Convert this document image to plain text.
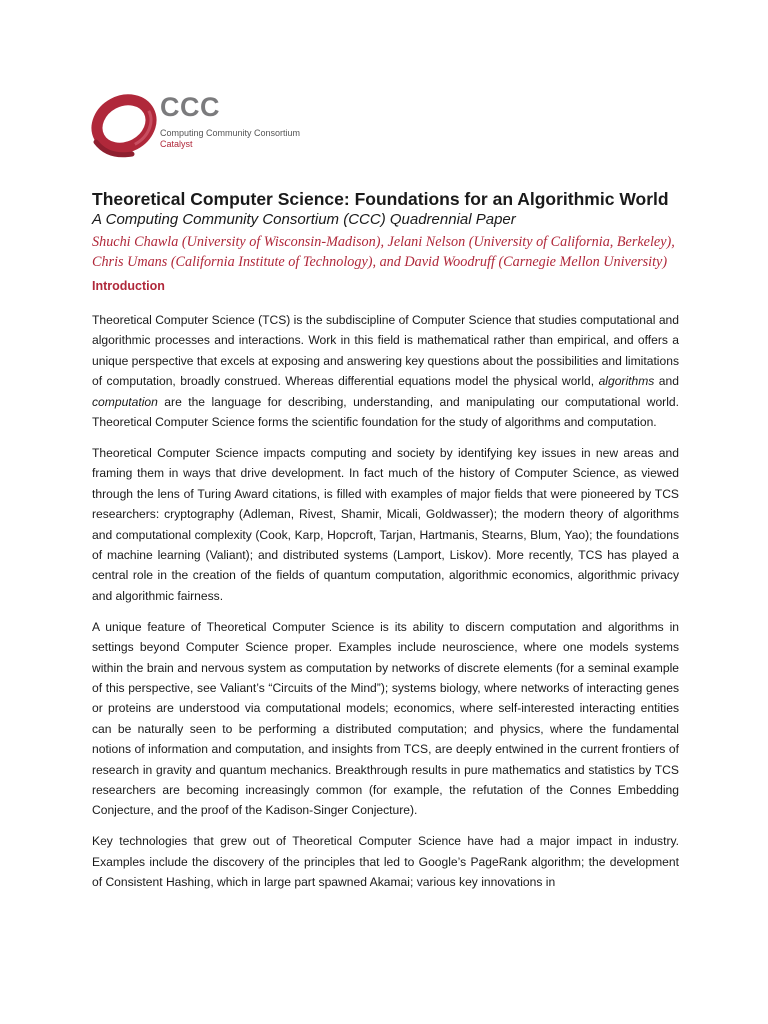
CCC
Computing Community Consortium
Catalyst
Theoretical Computer Science: Foundations for an Algorithmic World
A Computing Community Consortium (CCC) Quadrennial Paper
Shuchi Chawla (University of Wisconsin-Madison), Jelani Nelson (University of California, Berkeley),
Chris Umans (California Institute of Technology), and David Woodruff (Carnegie Mellon University)
Introduction

Theoretical Computer Science (TCS) is the subdiscipline of Computer Science that studies computational and algorithmic processes and interactions. Work in this field is mathematical rather than empirical, and offers a unique perspective that excels at exposing and answering key questions about the possibilities and limitations of computation, broadly construed. Whereas differential equations model the physical world, algorithms and computation are the language for describing, understanding, and manipulating our computational world. Theoretical Computer Science forms the scientific foundation for the study of algorithms and computation.

Theoretical Computer Science impacts computing and society by identifying key issues in new areas and framing them in ways that drive development. In fact much of the history of Computer Science, as viewed through the lens of Turing Award citations, is filled with examples of major fields that were pioneered by TCS researchers: cryptography (Adleman, Rivest, Shamir, Micali, Goldwasser); the modern theory of algorithms and computational complexity (Cook, Karp, Hopcroft, Tarjan, Hartmanis, Stearns, Blum, Yao); the foundations of machine learning (Valiant); and distributed systems (Lamport, Liskov). More recently, TCS has played a central role in the creation of the fields of quantum computation, algorithmic economics, algorithmic privacy and algorithmic fairness.

A unique feature of Theoretical Computer Science is its ability to discern computation and algorithms in settings beyond Computer Science proper. Examples include neuroscience, where one models systems within the brain and nervous system as computation by networks of discrete elements (for a seminal example of this perspective, see Valiant’s “Circuits of the Mind”); systems biology, where networks of interacting genes or proteins are understood via computational models; economics, where self-interested interacting entities can be naturally seen to be performing a distributed computation; and physics, where the fundamental notions of information and computation, and insights from TCS, are deeply entwined in the current frontiers of research in gravity and quantum mechanics. Breakthrough results in pure mathematics and statistics by TCS researchers are becoming increasingly common (for example, the refutation of the Connes Embedding Conjecture, and the proof of the Kadison-Singer Conjecture).

Key technologies that grew out of Theoretical Computer Science have had a major impact in industry. Examples include the discovery of the principles that led to Google’s PageRank algorithm; the development of Consistent Hashing, which in large part spawned Akamai; various key innovations in
